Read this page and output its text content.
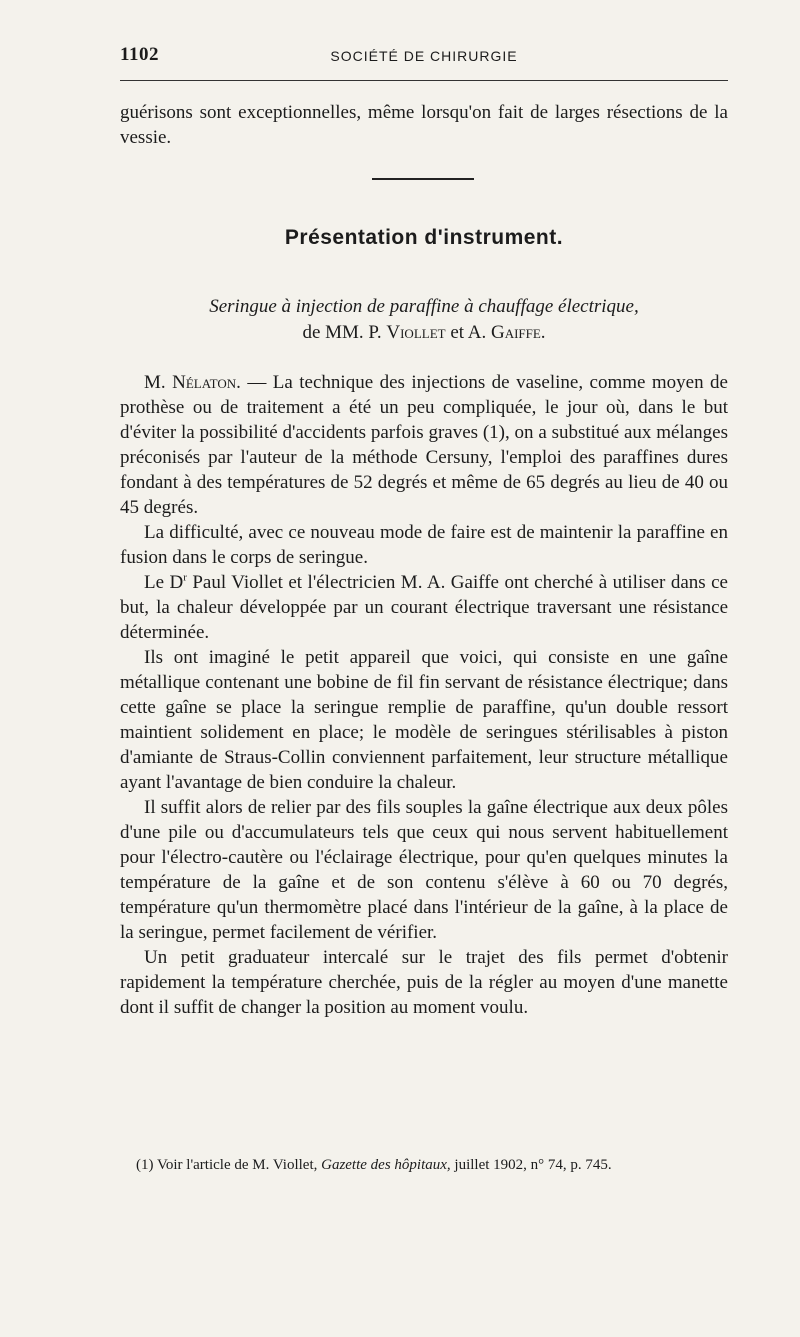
1102	SOCIÉTÉ DE CHIRURGIE

guérisons sont exceptionnelles, même lorsqu'on fait de larges résections de la vessie.

Présentation d'instrument.
Seringue à injection de paraffine à chauffage électrique,
de MM. P. Viollet et A. Gaiffe.

M. Nélaton. — La technique des injections de vaseline, comme moyen de prothèse ou de traitement a été un peu compliquée, le jour où, dans le but d'éviter la possibilité d'accidents parfois graves (1), on a substitué aux mélanges préconisés par l'auteur de la méthode Cersuny, l'emploi des paraffines dures fondant à des températures de 52 degrés et même de 65 degrés au lieu de 40 ou 45 degrés.

La difficulté, avec ce nouveau mode de faire est de maintenir la paraffine en fusion dans le corps de seringue.

Le $D^r$ Paul Viollet et l'électricien M. A. Gaiffe ont cherché à utiliser dans ce but, la chaleur développée par un courant électrique traversant une résistance déterminée.

Ils ont imaginé le petit appareil que voici, qui consiste en une gaîne métallique contenant une bobine de fil fin servant de résistance électrique; dans cette gaîne se place la seringue remplie de paraffine, qu'un double ressort maintient solidement en place; le modèle de seringues stérilisables à piston d'amiante de Straus-Collin conviennent parfaitement, leur structure métallique ayant l'avantage de bien conduire la chaleur.

Il suffit alors de relier par des fils souples la gaîne électrique aux deux pôles d'une pile ou d'accumulateurs tels que ceux qui nous servent habituellement pour l'électro-cautère ou l'éclairage électrique, pour qu'en quelques minutes la température de la gaîne et de son contenu s'élève à 60 ou 70 degrés, température qu'un thermomètre placé dans l'intérieur de la gaîne, à la place de la seringue, permet facilement de vérifier.

Un petit graduateur intercalé sur le trajet des fils permet d'obtenir rapidement la température cherchée, puis de la régler au moyen d'une manette dont il suffit de changer la position au moment voulu.

(1) Voir l'article de M. Viollet, Gazette des hôpitaux, juillet 1902, n° 74, p. 745.
